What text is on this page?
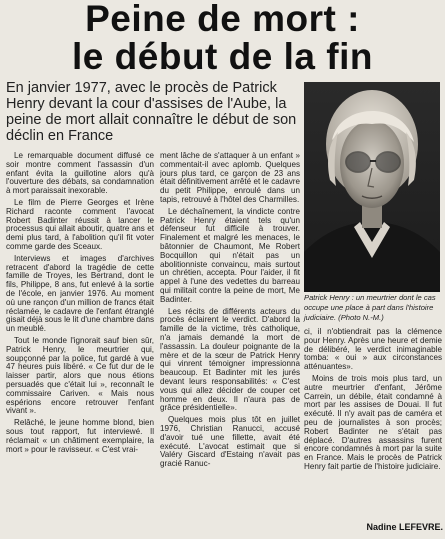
Peine de mort :
le début de la fin
En janvier 1977, avec le procès de Patrick Henry devant la cour d'assises de l'Aube, la peine de mort allait connaître le début de son déclin en France
Patrick Henry : un meurtrier dont le cas occupe une place à part dans l'histoire judiciaire. (Photo N.-M.)

Le remarquable document diffusé ce soir montre comment l'assassin d'un enfant évita la guillotine alors qu'à l'ouverture des débats, sa condamnation à mort paraissait inexorable.

Le film de Pierre Georges et Irène Richard raconte comment l'avocat Robert Badinter réussit à lancer le processus qui allait aboutir, quatre ans et demi plus tard, à l'abolition qu'il fit voter comme garde des Sceaux.

Interviews et images d'archives retracent d'abord la tragédie de cette famille de Troyes, les Bertrand, dont le fils, Philippe, 8 ans, fut enlevé à la sortie de l'école, en janvier 1976. Au moment où une rançon d'un million de francs était réclamée, le cadavre de l'enfant étranglé gisait déjà sous le lit d'une chambre dans un meublé.

Tout le monde l'ignorait sauf bien sûr, Patrick Henry, le meurtrier qui, soupçonné par la police, fut gardé à vue 47 heures puis libéré. « Ce fut dur de le laisser partir, alors que nous étions persuadés que c'était lui », reconnaît le commissaire Cariven. « Mais nous espérions encore retrouver l'enfant vivant ».

Relâché, le jeune homme blond, bien sous tout rapport, fut interviewé. Il réclamait « un châtiment exemplaire, la mort » pour le ravisseur. « C'est vrai-

ment lâche de s'attaquer à un enfant » commentait-il avec aplomb. Quelques jours plus tard, ce garçon de 23 ans était définitivement arrêté et le cadavre du petit Philippe, enroulé dans un tapis, retrouvé à l'hôtel des Charmilles.

Le déchaînement, la vindicte contre Patrick Henry étaient tels qu'un défenseur fut difficile à trouver. Finalement et malgré les menaces, le bâtonnier de Chaumont, Me Robert Bocquillon qui n'était pas un abolitionniste convaincu, mais surtout un chrétien, accepta. Pour l'aider, il fit appel à l'une des vedettes du barreau qui militait contre la peine de mort, Me Badinter.

Les récits de différents acteurs du procès éclairent le verdict. D'abord la famille de la victime, très catholique, n'a jamais demandé la mort de l'assassin. La douleur poignante de la mère et de la sœur de Patrick Henry qui vinrent témoigner impressionna beaucoup. Et Badinter mit les jurés devant leurs responsabilités: « C'est vous qui allez décider de couper cet homme en deux. Il n'aura pas de grâce présidentielle».

Quelques mois plus tôt en juillet 1976, Christian Ranucci, accusé d'avoir tué une fillette, avait été exécuté. L'avocat estimait que si Valéry Giscard d'Estaing n'avait pas gracié Ranuc-

ci, il n'obtiendrait pas la clémence pour Henry. Après une heure et demie de délibéré, le verdict inimaginable tomba: « oui » aux circonstances atténuantes».

Moins de trois mois plus tard, un autre meurtrier d'enfant, Jérôme Carrein, un débile, était condamné à mort par les assises de Douai. Il fut exécuté. Il n'y avait pas de caméra et peu de journalistes à son procès; Robert Badinter ne s'était pas déplacé. D'autres assassins furent encore condamnés à mort par la suite en France. Mais le procès de Patrick Henry fait partie de l'histoire judiciaire.

Nadine LEFEVRE.
